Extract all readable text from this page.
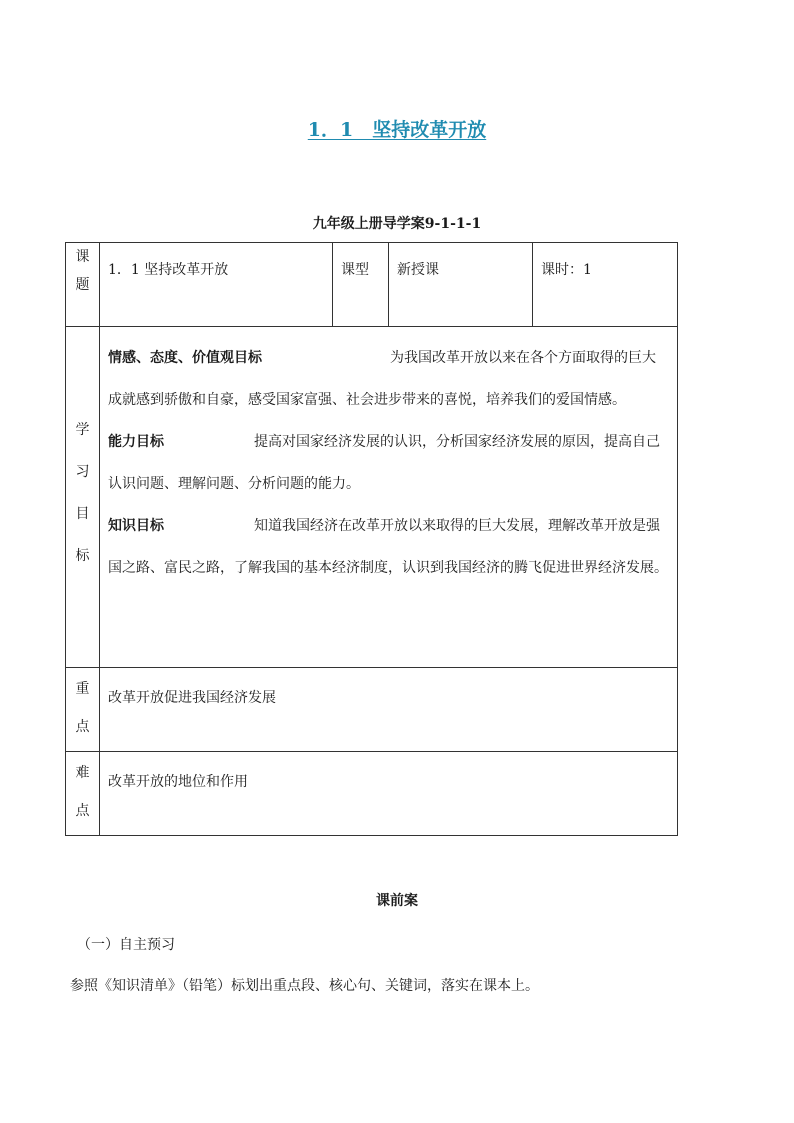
1．1　坚持改革开放
九年级上册导学案9-1-1-1
课
题	1．1 坚持改革开放	课型	新授课	课时：1

学
习
目
标	情感、态度、价值观目标 为我国改革开放以来在各个方面取得的巨大成就感到骄傲和自豪，感受国家富强、社会进步带来的喜悦，培养我们的爱国情感。
能力目标 提高对国家经济发展的认识，分析国家经济发展的原因，提高自己认识问题、理解问题、分析问题的能力。
知识目标 知道我国经济在改革开放以来取得的巨大发展，理解改革开放是强国之路、富民之路，了解我国的基本经济制度，认识到我国经济的腾飞促进世界经济发展。			

重
点	改革开放促进我国经济发展			

难
点	改革开放的地位和作用			
课前案
（一）自主预习
参照《知识清单》（铅笔）标划出重点段、核心句、关键词，落实在课本上。
